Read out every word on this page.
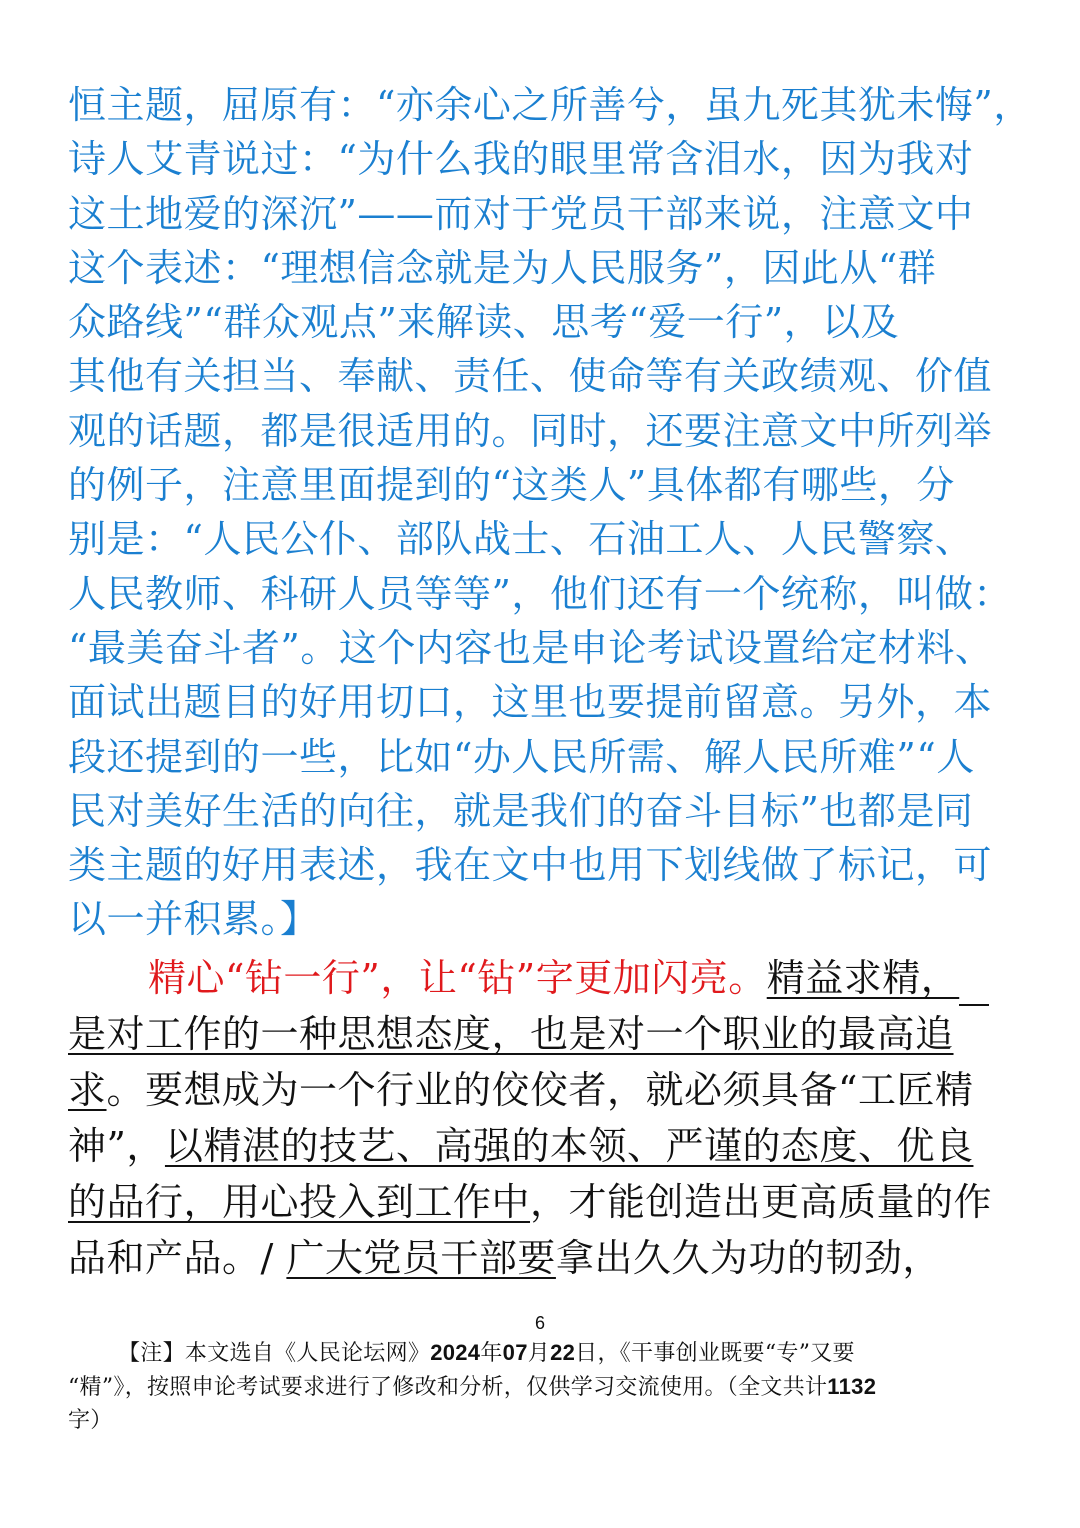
恒主题，屈原有：“亦余心之所善兮，虽九死其犹未悔”，
诗人艾青说过：“为什么我的眼里常含泪水，因为我对
这土地爱的深沉”——而对于党员干部来说，注意文中
这个表述：“理想信念就是为人民服务”，因此从“群
众路线”“群众观点”来解读、思考“爱一行”，以及
其他有关担当、奉献、责任、使命等有关政绩观、价值
观的话题，都是很适用的。同时，还要注意文中所列举
的例子，注意里面提到的“这类人”具体都有哪些，分
别是：“人民公仆、部队战士、石油工人、人民警察、
人民教师、科研人员等等”，他们还有一个统称，叫做：
“最美奋斗者”。这个内容也是申论考试设置给定材料、
面试出题目的好用切口，这里也要提前留意。另外，本
段还提到的一些，比如“办人民所需、解人民所难”“人
民对美好生活的向往，就是我们的奋斗目标”也都是同
类主题的好用表述，我在文中也用下划线做了标记，可
以一并积累。】
精心“钻一行”，让“钻”字更加闪亮。精益求精，
是对工作的一种思想态度，也是对一个职业的最高追
求。要想成为一个行业的佼佼者，就必须具备“工匠精
神”，以精湛的技艺、高强的本领、严谨的态度、优良
的品行，用心投入到工作中，才能创造出更高质量的作
品和产品。/ 广大党员干部要拿出久久为功的韧劲，
6
【注】本文选自《人民论坛网》2024年07月22日，《干事创业既要“专”又要
“精”》，按照申论考试要求进行了修改和分析，仅供学习交流使用。（全文共计1132
字）
